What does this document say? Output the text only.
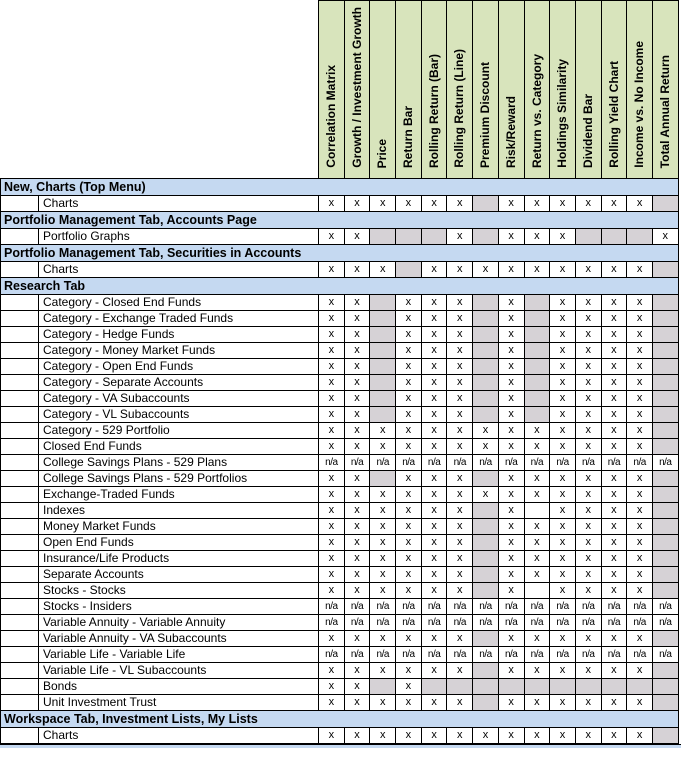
		Correlation Matrix	Growth / Investment Growth	Price	Return Bar	Rolling Return (Bar)	Rolling Return (Line)	Premium Discount	Risk/Reward	Return vs. Category	Holdings Similarity	Dividend Bar	Rolling Yield Chart	Income vs. No Income	Total Annual Return
New, Charts (Top Menu)															
	Charts	x	x	x	x	x	x		x	x	x	x	x	x	
Portfolio Management Tab, Accounts Page															
	Portfolio Graphs	x	x				x		x	x	x				x
Portfolio Management Tab, Securities in Accounts															
	Charts	x	x	x		x	x	x	x	x	x	x	x	x	
Research Tab															
	Category - Closed End Funds	x	x		x	x	x		x		x	x	x	x	
	Category - Exchange Traded Funds	x	x		x	x	x		x		x	x	x	x	
	Category - Hedge Funds	x	x		x	x	x		x		x	x	x	x	
	Category - Money Market Funds	x	x		x	x	x		x		x	x	x	x	
	Category - Open End Funds	x	x		x	x	x		x		x	x	x	x	
	Category - Separate Accounts	x	x		x	x	x		x		x	x	x	x	
	Category - VA Subaccounts	x	x		x	x	x		x		x	x	x	x	
	Category - VL Subaccounts	x	x		x	x	x		x		x	x	x	x	
	Category - 529 Portfolio	x	x	x	x	x	x	x	x	x	x	x	x	x	
	Closed End Funds	x	x	x	x	x	x	x	x	x	x	x	x	x	
	College Savings Plans - 529 Plans	n/a	n/a	n/a	n/a	n/a	n/a	n/a	n/a	n/a	n/a	n/a	n/a	n/a	n/a
	College Savings Plans - 529 Portfolios	x	x		x	x	x		x	x	x	x	x	x	
	Exchange-Traded Funds	x	x	x	x	x	x	x	x	x	x	x	x	x	
	Indexes	x	x	x	x	x	x		x		x	x	x	x	
	Money Market Funds	x	x	x	x	x	x		x	x	x	x	x	x	
	Open End Funds	x	x	x	x	x	x		x	x	x	x	x	x	
	Insurance/Life Products	x	x	x	x	x	x		x	x	x	x	x	x	
	Separate Accounts	x	x	x	x	x	x		x	x	x	x	x	x	
	Stocks - Stocks	x	x	x	x	x	x		x		x	x	x	x	
	Stocks - Insiders	n/a	n/a	n/a	n/a	n/a	n/a	n/a	n/a	n/a	n/a	n/a	n/a	n/a	n/a
	Variable Annuity - Variable Annuity	n/a	n/a	n/a	n/a	n/a	n/a	n/a	n/a	n/a	n/a	n/a	n/a	n/a	n/a
	Variable Annuity - VA Subaccounts	x	x	x	x	x	x		x	x	x	x	x	x	
	Variable Life - Variable Life	n/a	n/a	n/a	n/a	n/a	n/a	n/a	n/a	n/a	n/a	n/a	n/a	n/a	n/a
	Variable Life - VL Subaccounts	x	x	x	x	x	x		x	x	x	x	x	x	
	Bonds	x	x		x										
	Unit Investment Trust	x	x	x	x	x	x		x	x	x	x	x	x	
Workspace Tab, Investment Lists, My Lists															
	Charts	x	x	x	x	x	x	x	x	x	x	x	x	x	
